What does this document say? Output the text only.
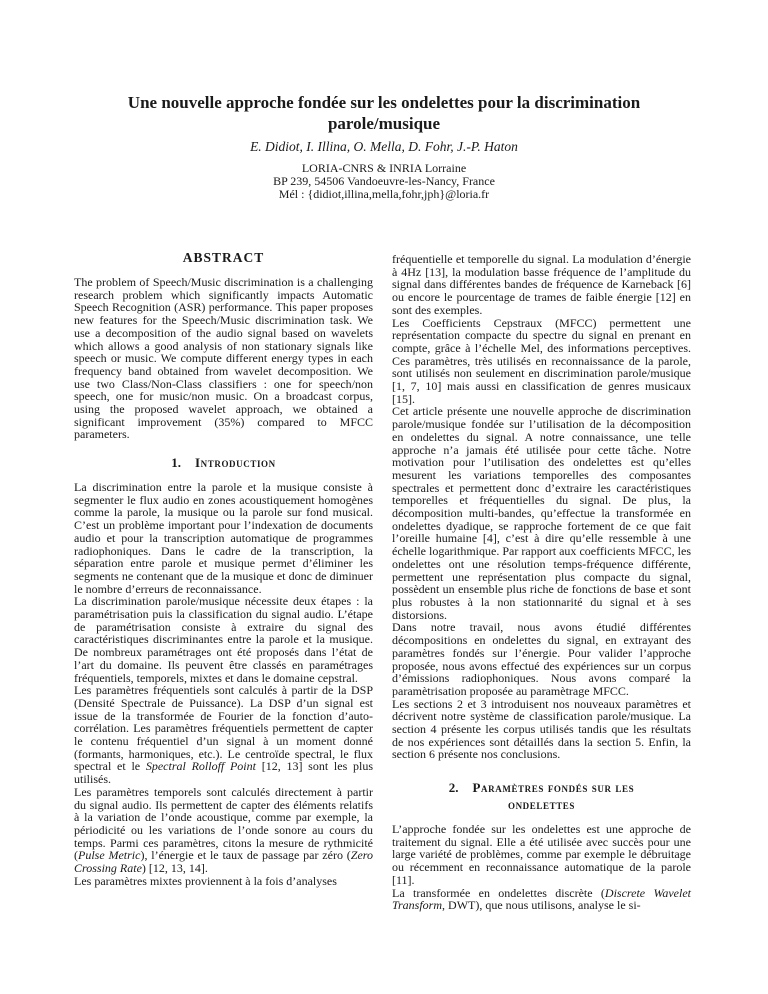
Une nouvelle approche fondée sur les ondelettes pour la discrimination
parole/musique
E. Didiot, I. Illina, O. Mella, D. Fohr, J.-P. Haton
LORIA-CNRS & INRIA Lorraine
BP 239, 54506 Vandoeuvre-les-Nancy, France
Mél : {didiot,illina,mella,fohr,jph}@loria.fr
ABSTRACT

The problem of Speech/Music discrimination is a challenging research problem which significantly impacts Automatic Speech Recognition (ASR) performance. This paper proposes new features for the Speech/Music discrimination task. We use a decomposition of the audio signal based on wavelets which allows a good analysis of non stationary signals like speech or music. We compute different energy types in each frequency band obtained from wavelet decomposition. We use two Class/Non-Class classifiers : one for speech/non speech, one for music/non music. On a broadcast corpus, using the proposed wavelet approach, we obtained a significant improvement (35%) compared to MFCC parameters.

1. Introduction

La discrimination entre la parole et la musique consiste à segmenter le flux audio en zones acoustiquement homogènes comme la parole, la musique ou la parole sur fond musical. C’est un problème important pour l’indexation de documents audio et pour la transcription automatique de programmes radiophoniques. Dans le cadre de la transcription, la séparation entre parole et musique permet d’éliminer les segments ne contenant que de la musique et donc de diminuer le nombre d’erreurs de reconnaissance.

La discrimination parole/musique nécessite deux étapes : la paramétrisation puis la classification du signal audio. L’étape de paramétrisation consiste à extraire du signal des caractéristiques discriminantes entre la parole et la musique. De nombreux paramétrages ont été proposés dans l’état de l’art du domaine. Ils peuvent être classés en paramétrages fréquentiels, temporels, mixtes et dans le domaine cepstral.

Les paramètres fréquentiels sont calculés à partir de la DSP (Densité Spectrale de Puissance). La DSP d’un signal est issue de la transformée de Fourier de la fonction d’auto-corrélation. Les paramètres fréquentiels permettent de capter le contenu fréquentiel d’un signal à un moment donné (formants, harmoniques, etc.). Le centroïde spectral, le flux spectral et le Spectral Rolloff Point [12, 13] sont les plus utilisés.

Les paramètres temporels sont calculés directement à partir du signal audio. Ils permettent de capter des éléments relatifs à la variation de l’onde acoustique, comme par exemple, la périodicité ou les variations de l’onde sonore au cours du temps. Parmi ces paramètres, citons la mesure de rythmicité (Pulse Metric), l’énergie et le taux de passage par zéro (Zero Crossing Rate) [12, 13, 14].

Les paramètres mixtes proviennent à la fois d’analyses

fréquentielle et temporelle du signal. La modulation d’énergie à 4Hz [13], la modulation basse fréquence de l’amplitude du signal dans différentes bandes de fréquence de Karneback [6] ou encore le pourcentage de trames de faible énergie [12] en sont des exemples.

Les Coefficients Cepstraux (MFCC) permettent une représentation compacte du spectre du signal en prenant en compte, grâce à l’échelle Mel, des informations perceptives. Ces paramètres, très utilisés en reconnaissance de la parole, sont utilisés non seulement en discrimination parole/musique [1, 7, 10] mais aussi en classification de genres musicaux [15].

Cet article présente une nouvelle approche de discrimination parole/musique fondée sur l’utilisation de la décomposition en ondelettes du signal. A notre connaissance, une telle approche n’a jamais été utilisée pour cette tâche. Notre motivation pour l’utilisation des ondelettes est qu’elles mesurent les variations temporelles des composantes spectrales et permettent donc d’extraire les caractéristiques temporelles et fréquentielles du signal. De plus, la décomposition multi-bandes, qu’effectue la transformée en ondelettes dyadique, se rapproche fortement de ce que fait l’oreille humaine [4], c’est à dire qu’elle ressemble à une échelle logarithmique. Par rapport aux coefficients MFCC, les ondelettes ont une résolution temps-fréquence différente, permettent une représentation plus compacte du signal, possèdent un ensemble plus riche de fonctions de base et sont plus robustes à la non stationnarité du signal et à ses distorsions.

Dans notre travail, nous avons étudié différentes décompositions en ondelettes du signal, en extrayant des paramètres fondés sur l’énergie. Pour valider l’approche proposée, nous avons effectué des expériences sur un corpus d’émissions radiophoniques. Nous avons comparé la paramètrisation proposée au paramètrage MFCC.

Les sections 2 et 3 introduisent nos nouveaux paramètres et décrivent notre système de classification parole/musique. La section 4 présente les corpus utilisés tandis que les résultats de nos expériences sont détaillés dans la section 5. Enfin, la section 6 présente nos conclusions.

2. Paramètres fondés sur les
ondelettes

L’approche fondée sur les ondelettes est une approche de traitement du signal. Elle a été utilisée avec succès pour une large variété de problèmes, comme par exemple le débruitage ou récemment en reconnaissance automatique de la parole [11].

La transformée en ondelettes discrète (Discrete Wavelet Transform, DWT), que nous utilisons, analyse le si-
